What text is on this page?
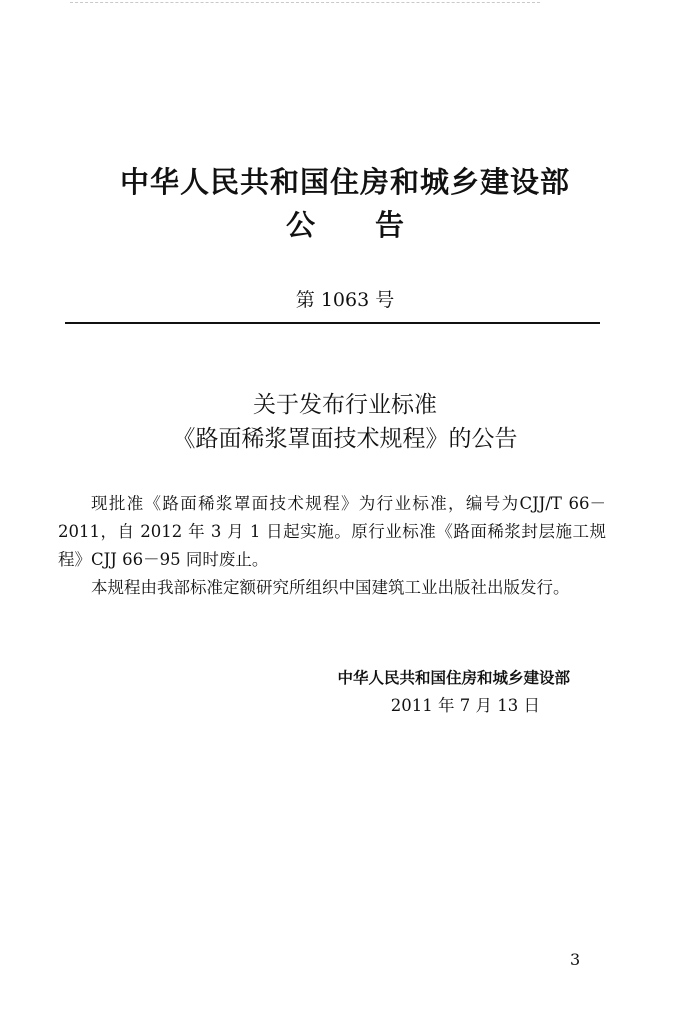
中华人民共和国住房和城乡建设部
公 告
第 1063 号
关于发布行业标准
《路面稀浆罩面技术规程》的公告

现批准《路面稀浆罩面技术规程》为行业标准，编号为CJJ/T 66－2011，自 2012 年 3 月 1 日起实施。原行业标准《路面稀浆封层施工规程》CJJ 66－95 同时废止。

本规程由我部标准定额研究所组织中国建筑工业出版社出版发行。

中华人民共和国住房和城乡建设部
2011 年 7 月 13 日
3
